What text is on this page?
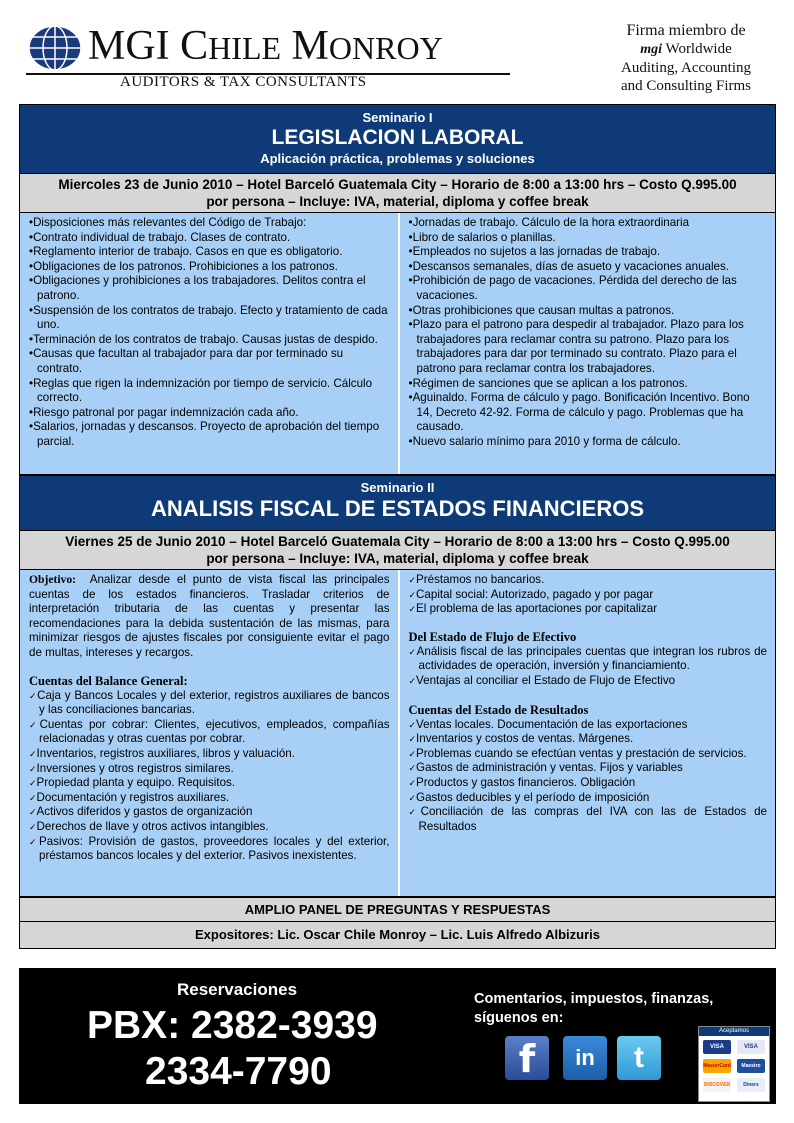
MGI CHILE MONROY
AUDITORS & TAX CONSULTANTS
Firma miembro de
mgi Worldwide
Auditing, Accounting
and Consulting Firms
Seminario I
LEGISLACION LABORAL
Aplicación práctica, problemas y soluciones
Miercoles 23 de Junio 2010 – Hotel Barceló Guatemala City – Horario de 8:00 a 13:00 hrs – Costo Q.995.00
por persona – Incluye: IVA, material, diploma y coffee break
• Disposiciones más relevantes del Código de Trabajo:
• Contrato individual de trabajo. Clases de contrato.
• Reglamento interior de trabajo. Casos en que es obligatorio.
• Obligaciones de los patronos. Prohibiciones a los patronos.
• Obligaciones y prohibiciones a los trabajadores. Delitos contra el patrono.
• Suspensión de los contratos de trabajo. Efecto y tratamiento de cada uno.
• Terminación de los contratos de trabajo. Causas justas de despido.
• Causas que facultan al trabajador para dar por terminado su contrato.
• Reglas que rigen la indemnización por tiempo de servicio. Cálculo correcto.
• Riesgo patronal por pagar indemnización cada año.
• Salarios, jornadas y descansos. Proyecto de aprobación del tiempo parcial.
• Jornadas de trabajo. Cálculo de la hora extraordinaria
• Libro de salarios o planillas.
• Empleados no sujetos a las jornadas de trabajo.
• Descansos semanales, días de asueto y vacaciones anuales.
• Prohibición de pago de vacaciones. Pérdida del derecho de las vacaciones.
• Otras prohibiciones que causan multas a patronos.
• Plazo para el patrono para despedir al trabajador. Plazo para los trabajadores para reclamar contra su patrono. Plazo para los trabajadores para dar por terminado su contrato. Plazo para el patrono para reclamar contra los trabajadores.
• Régimen de sanciones que se aplican a los patronos.
• Aguinaldo. Forma de cálculo y pago. Bonificación Incentivo. Bono 14, Decreto 42-92. Forma de cálculo y pago. Problemas que ha causado.
• Nuevo salario mínimo para 2010 y forma de cálculo.
Seminario II
ANALISIS FISCAL DE ESTADOS FINANCIEROS
Viernes 25 de Junio 2010 – Hotel Barceló Guatemala City – Horario de 8:00 a 13:00 hrs – Costo Q.995.00
por persona – Incluye: IVA, material, diploma y coffee break

Objetivo: Analizar desde el punto de vista fiscal las principales cuentas de los estados financieros. Trasladar criterios de interpretación tributaria de las cuentas y presentar las recomendaciones para la debida sustentación de las mismas, para minimizar riesgos de ajustes fiscales por consiguiente evitar el pago de multas, intereses y recargos.

Cuentas del Balance General:
✓ Caja y Bancos Locales y del exterior, registros auxiliares de bancos y las conciliaciones bancarias.
✓ Cuentas por cobrar: Clientes, ejecutivos, empleados, compañías relacionadas y otras cuentas por cobrar.
✓ Inventarios, registros auxiliares, libros y valuación.
✓ Inversiones y otros registros similares.
✓ Propiedad planta y equipo. Requisitos.
✓ Documentación y registros auxiliares.
✓ Activos diferidos y gastos de organización
✓ Derechos de llave y otros activos intangibles.
✓ Pasivos: Provisión de gastos, proveedores locales y del exterior, préstamos bancos locales y del exterior. Pasivos inexistentes.
✓ Préstamos no bancarios.
✓ Capital social: Autorizado, pagado y por pagar
✓ El problema de las aportaciones por capitalizar
Del Estado de Flujo de Efectivo
✓ Análisis fiscal de las principales cuentas que integran los rubros de actividades de operación, inversión y financiamiento.
✓ Ventajas al conciliar el Estado de Flujo de Efectivo
Cuentas del Estado de Resultados
✓ Ventas locales. Documentación de las exportaciones
✓ Inventarios y costos de ventas. Márgenes.
✓ Problemas cuando se efectúan ventas y prestación de servicios.
✓ Gastos de administración y ventas. Fijos y variables
✓ Productos y gastos financieros. Obligación
✓ Gastos deducibles y el período de imposición
✓ Conciliación de las compras del IVA con las de Estados de Resultados
AMPLIO PANEL DE PREGUNTAS Y RESPUESTAS
Expositores: Lic. Oscar Chile Monroy – Lic. Luis Alfredo Albizuris
Reservaciones
PBX: 2382-3939
2334-7790
Comentarios, impuestos, finanzas, síguenos en:
f	in	t
Aceptamos
VISA	VISA
MasterCard	Maestro
DISCOVER	Diners
